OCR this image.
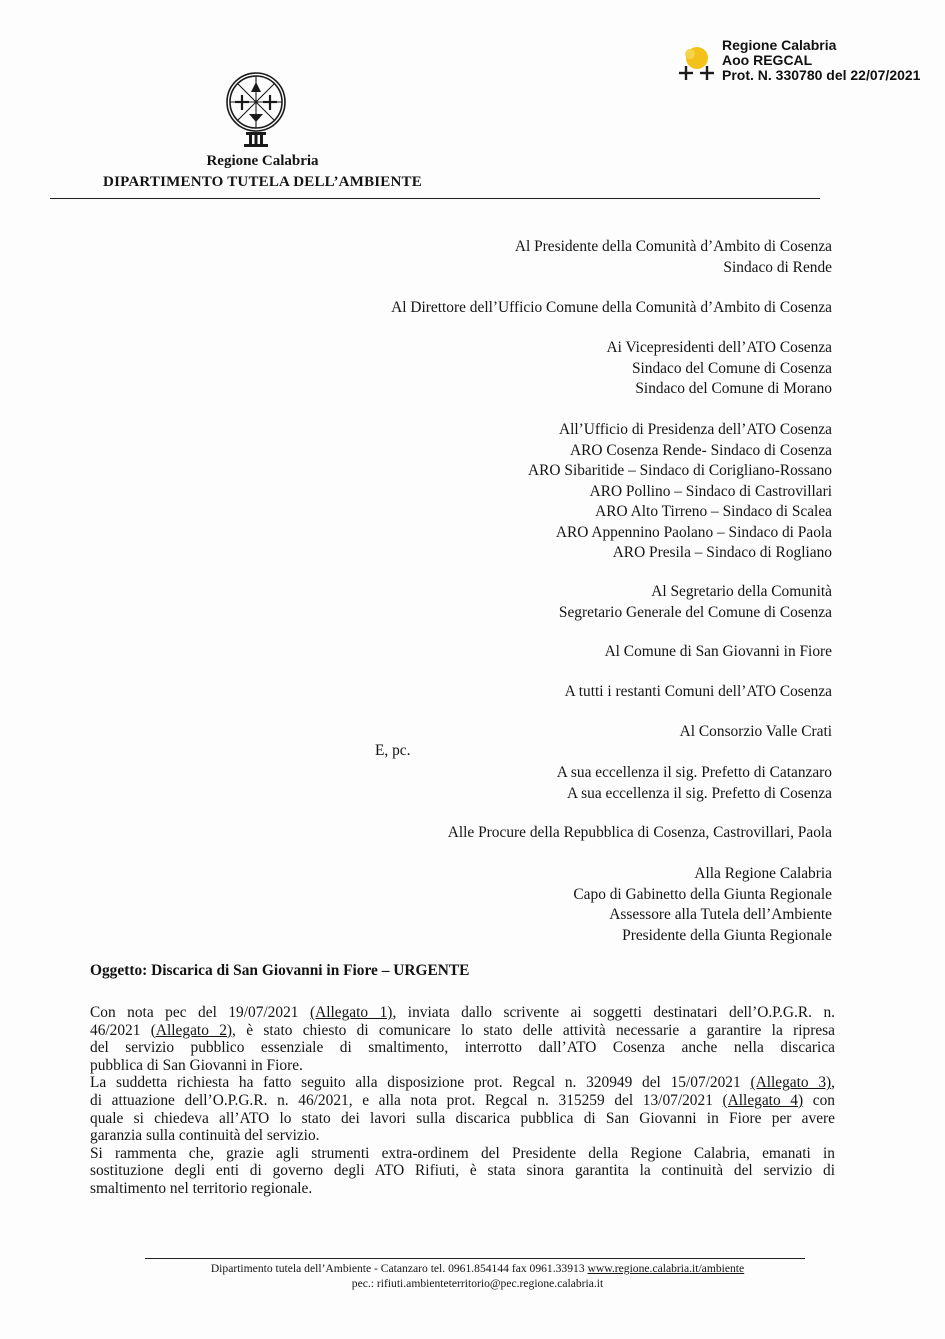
Regione Calabria
Aoo REGCAL
Prot. N. 330780 del 22/07/2021
Regione Calabria
DIPARTIMENTO TUTELA DELL’AMBIENTE
Al Presidente della Comunità d’Ambito di Cosenza
Sindaco di Rende
Al Direttore dell’Ufficio Comune della Comunità d’Ambito di Cosenza
Ai Vicepresidenti dell’ATO Cosenza
Sindaco del Comune di Cosenza
Sindaco del Comune di Morano
All’Ufficio di Presidenza dell’ATO Cosenza
ARO Cosenza Rende- Sindaco di Cosenza
ARO Sibaritide – Sindaco di Corigliano-Rossano
ARO Pollino – Sindaco di Castrovillari
ARO Alto Tirreno – Sindaco di Scalea
ARO Appennino Paolano – Sindaco di Paola
ARO Presila – Sindaco di Rogliano
Al Segretario della Comunità
Segretario Generale del Comune di Cosenza
Al Comune di San Giovanni in Fiore
A tutti i restanti Comuni dell’ATO Cosenza
Al Consorzio Valle Crati
E, pc.
A sua eccellenza il sig. Prefetto di Catanzaro
A sua eccellenza il sig. Prefetto di Cosenza
Alle Procure della Repubblica di Cosenza, Castrovillari, Paola
Alla Regione Calabria
Capo di Gabinetto della Giunta Regionale
Assessore alla Tutela dell’Ambiente
Presidente della Giunta Regionale
Oggetto: Discarica di San Giovanni in Fiore – URGENTE
Con nota pec del 19/07/2021 (Allegato 1), inviata dallo scrivente ai soggetti destinatari dell’O.P.G.R. n.
46/2021 (Allegato 2), è stato chiesto di comunicare lo stato delle attività necessarie a garantire la ripresa
del servizio pubblico essenziale di smaltimento, interrotto dall’ATO Cosenza anche nella discarica
pubblica di San Giovanni in Fiore.
La suddetta richiesta ha fatto seguito alla disposizione prot. Regcal n. 320949 del 15/07/2021 (Allegato 3),
di attuazione dell’O.P.G.R. n. 46/2021, e alla nota prot. Regcal n. 315259 del 13/07/2021 (Allegato 4) con
quale si chiedeva all’ATO lo stato dei lavori sulla discarica pubblica di San Giovanni in Fiore per avere
garanzia sulla continuità del servizio.
Si rammenta che, grazie agli strumenti extra-ordinem del Presidente della Regione Calabria, emanati in
sostituzione degli enti di governo degli ATO Rifiuti, è stata sinora garantita la continuità del servizio di
smaltimento nel territorio regionale.
Dipartimento tutela dell’Ambiente - Catanzaro tel. 0961.854144 fax 0961.33913 www.regione.calabria.it/ambiente
pec.: rifiuti.ambienteterritorio@pec.regione.calabria.it
